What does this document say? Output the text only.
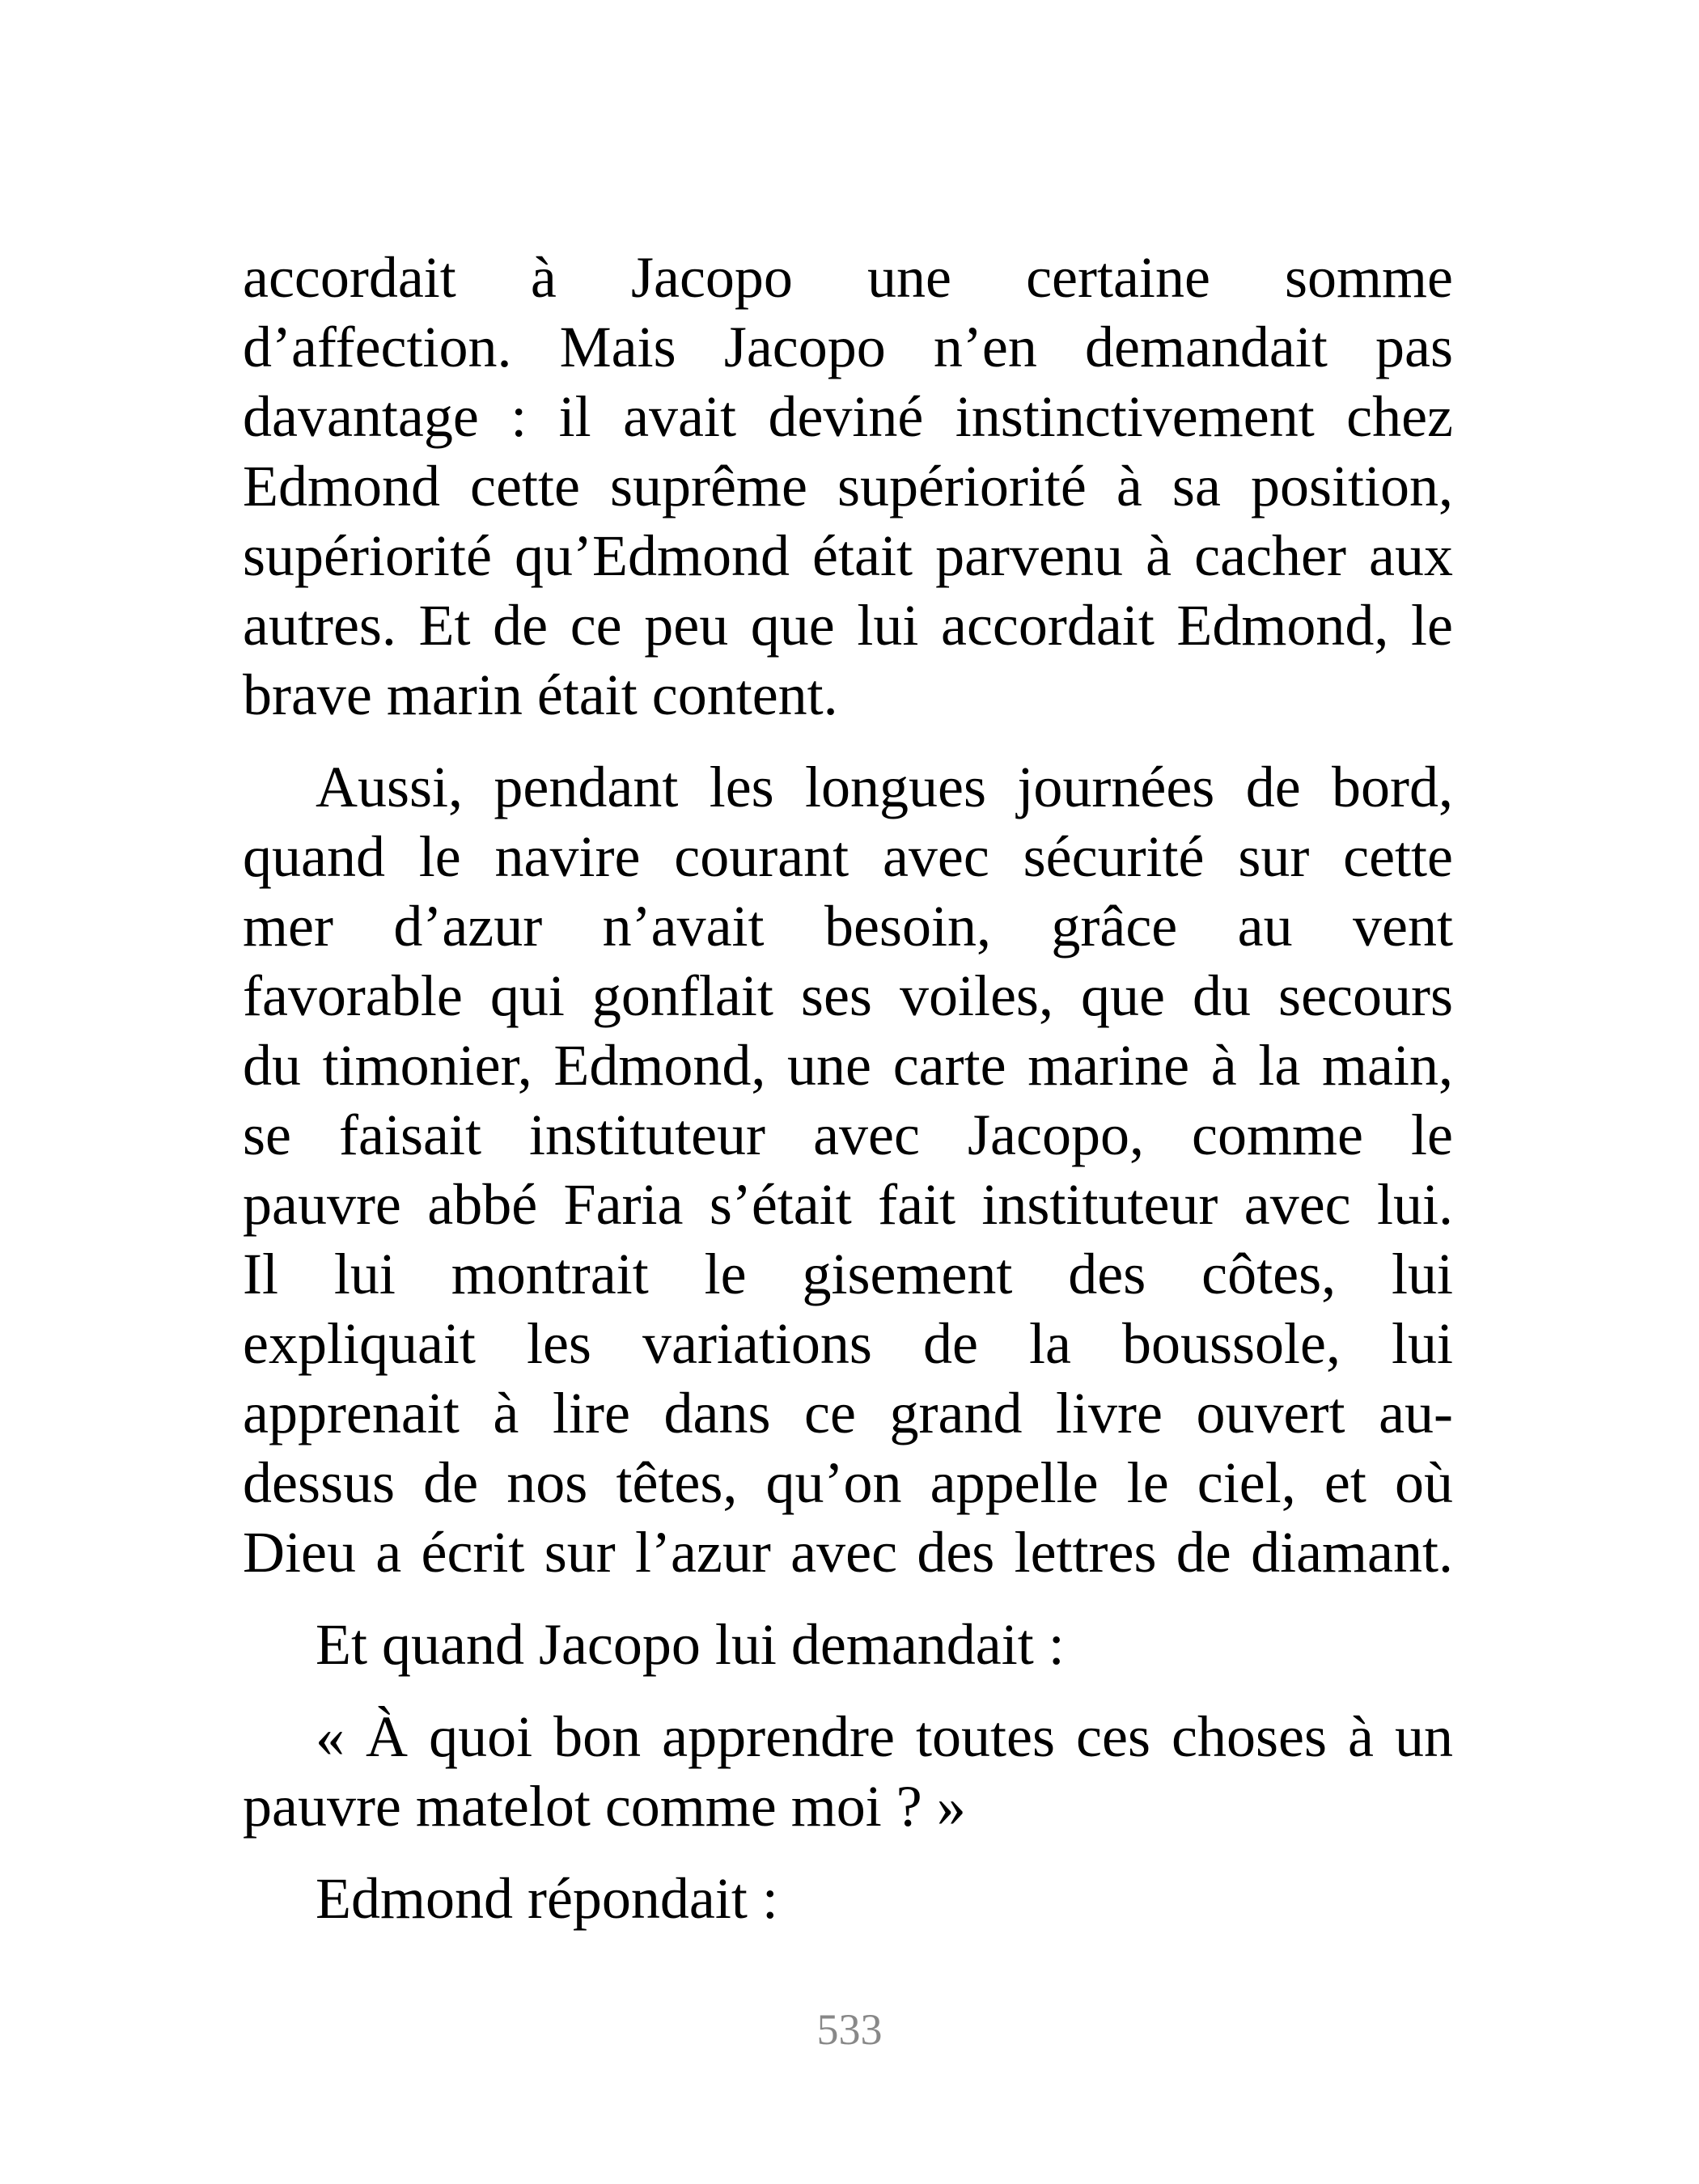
accordait à Jacopo une certaine somme
d’affection. Mais Jacopo n’en demandait pas
davantage : il avait deviné instinctivement chez
Edmond cette suprême supériorité à sa position,
supériorité qu’Edmond était parvenu à cacher aux
autres. Et de ce peu que lui accordait Edmond, le
brave marin était content.

Aussi, pendant les longues journées de bord,
quand le navire courant avec sécurité sur cette
mer d’azur n’avait besoin, grâce au vent
favorable qui gonflait ses voiles, que du secours
du timonier, Edmond, une carte marine à la main,
se faisait instituteur avec Jacopo, comme le
pauvre abbé Faria s’était fait instituteur avec lui.
Il lui montrait le gisement des côtes, lui
expliquait les variations de la boussole, lui
apprenait à lire dans ce grand livre ouvert au-
dessus de nos têtes, qu’on appelle le ciel, et où
Dieu a écrit sur l’azur avec des lettres de diamant.

Et quand Jacopo lui demandait :

« À quoi bon apprendre toutes ces choses à un
pauvre matelot comme moi ? »

Edmond répondait :

533
